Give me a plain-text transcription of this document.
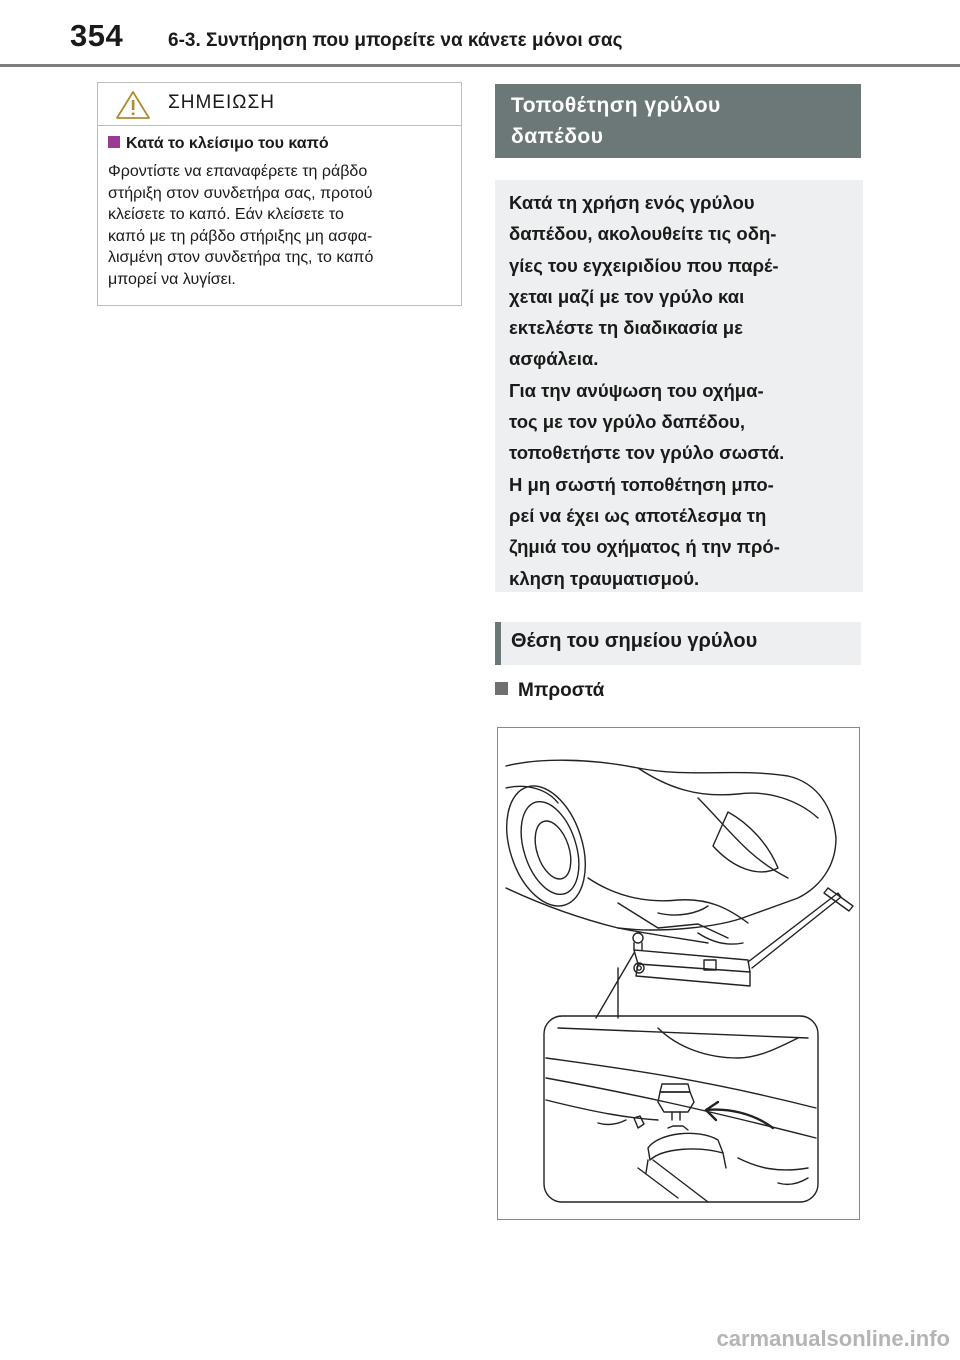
354 6-3. Συντήρηση που μπορείτε να κάνετε μόνοι σας
ΣΗΜΕΙΩΣΗ
Κατά το κλείσιμο του καπό
Φροντίστε να επαναφέρετε τη ράβδο
στήριξη στον συνδετήρα σας, προτού
κλείσετε το καπό. Εάν κλείσετε το
καπό με τη ράβδο στήριξης μη ασφα-
λισμένη στον συνδετήρα της, το καπό
μπορεί να λυγίσει.
Τοποθέτηση γρύλου
δαπέδου

Κατά τη χρήση ενός γρύλου

δαπέδου, ακολουθείτε τις οδη-

γίες του εγχειριδίου που παρέ-

χεται μαζί με τον γρύλο και

εκτελέστε τη διαδικασία με

ασφάλεια.

Για την ανύψωση του οχήμα-

τος με τον γρύλο δαπέδου,

τοποθετήστε τον γρύλο σωστά.

Η μη σωστή τοποθέτηση μπο-

ρεί να έχει ως αποτέλεσμα τη

ζημιά του οχήματος ή την πρό-

κληση τραυματισμού.

Θέση του σημείου γρύλου
Μπροστά
carmanualsonline.info
